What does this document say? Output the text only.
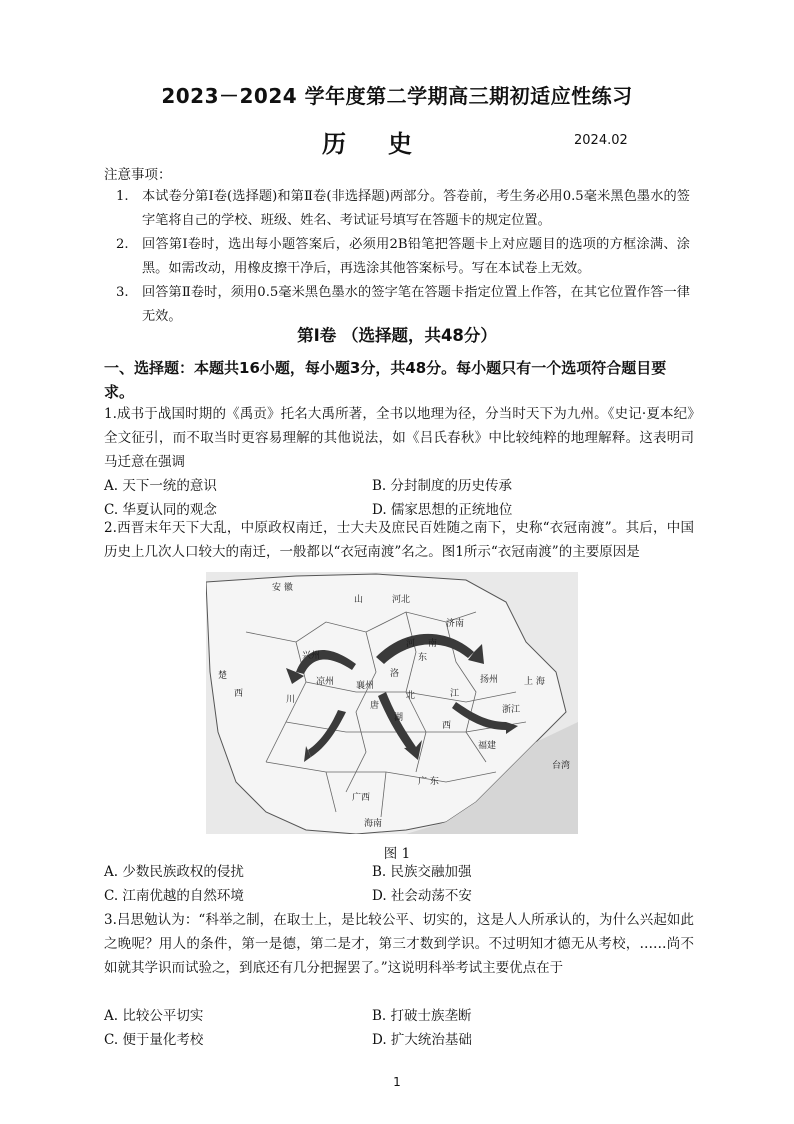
2023－2024 学年度第二学期高三期初适应性练习
历史	2024.02
注意事项：
1.	本试卷分第Ⅰ卷(选择题)和第Ⅱ卷(非选择题)两部分。答卷前，考生务必用0.5毫米黑色墨水的签字笔将自己的学校、班级、姓名、考试证号填写在答题卡的规定位置。
2.	回答第Ⅰ卷时，选出每小题答案后，必须用2B铅笔把答题卡上对应题目的选项的方框涂满、涂黑。如需改动，用橡皮擦干净后，再选涂其他答案标号。写在本试卷上无效。
3.	回答第Ⅱ卷时，须用0.5毫米黑色墨水的签字笔在答题卡指定位置上作答，在其它位置作答一律无效。
第Ⅰ卷 （选择题，共48分）
一、选择题：本题共16小题，每小题3分，共48分。每小题只有一个选项符合题目要求。
1.成书于战国时期的《禹贡》托名大禹所著，全书以地理为径，分当时天下为九州。《史记·夏本纪》全文征引，而不取当时更容易理解的其他说法，如《吕氏春秋》中比较纯粹的地理解释。这表明司马迁意在强调
A. 天下一统的意识	B. 分封制度的历史传承
C. 华夏认同的观念	D. 儒家思想的正统地位
2.西晋末年天下大乱，中原政权南迁，士大夫及庶民百姓随之南下，史称“衣冠南渡”。其后，中国历史上几次人口较大的南迁，一般都以“衣冠南渡”名之。图1所示“衣冠南渡”的主要原因是
安 徽
山	河北
济南
兴州
河
东
南
凉州
洛
扬州
川
襄州
唐
江
上 海
浙江
西
福建
广 东
广西
湖
西	北
海南
台湾
楚
图 1
A. 少数民族政权的侵扰	B. 民族交融加强
C. 江南优越的自然环境	D. 社会动荡不安
3.吕思勉认为：“科举之制，在取士上，是比较公平、切实的，这是人人所承认的，为什么兴起如此之晚呢？用人的条件，第一是德，第二是才，第三才数到学识。不过明知才德无从考校，……尚不如就其学识而试验之，到底还有几分把握罢了。”这说明科举考试主要优点在于
A. 比较公平切实	B. 打破士族垄断
C. 便于量化考校	D. 扩大统治基础
1
